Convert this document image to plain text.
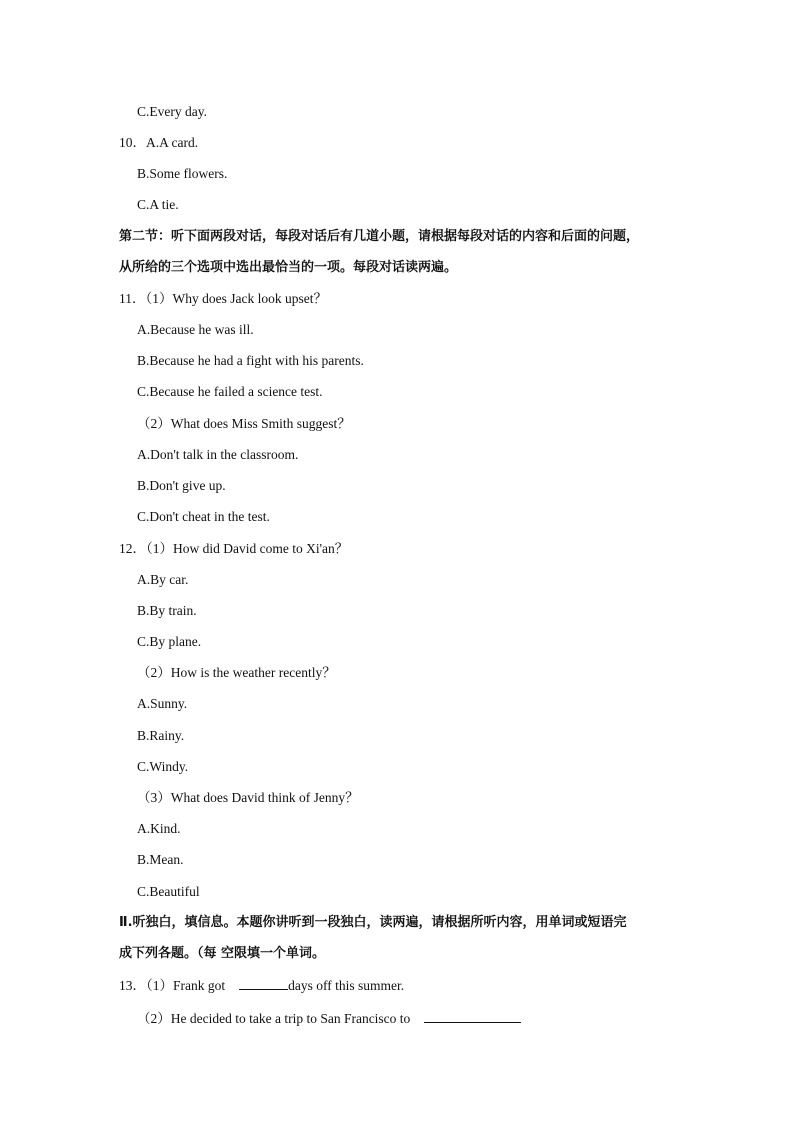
C.Every day.
10．A.A card.
B.Some flowers.
C.A tie.
第二节：听下面两段对话，每段对话后有几道小题，请根据每段对话的内容和后面的问题，
从所给的三个选项中选出最恰当的一项。每段对话读两遍。
11．（1）Why does Jack look upset？
A.Because he was ill.
B.Because he had a fight with his parents.
C.Because he failed a science test.
（2）What does Miss Smith suggest？
A.Don't talk in the classroom.
B.Don't give up.
C.Don't cheat in the test.
12．（1）How did David come to Xi'an？
A.By car.
B.By train.
C.By plane.
（2）How is the weather recently？
A.Sunny.
B.Rainy.
C.Windy.
（3）What does David think of Jenny？
A.Kind.
B.Mean.
C.Beautiful
Ⅱ.听独白，填信息。本题你讲听到一段独白，读两遍，请根据所听内容，用单词或短语完
成下列各题。（每 空限填一个单词。
13．（1）Frank got	days off this summer.
（2）He decided to take a trip to San Francisco to
